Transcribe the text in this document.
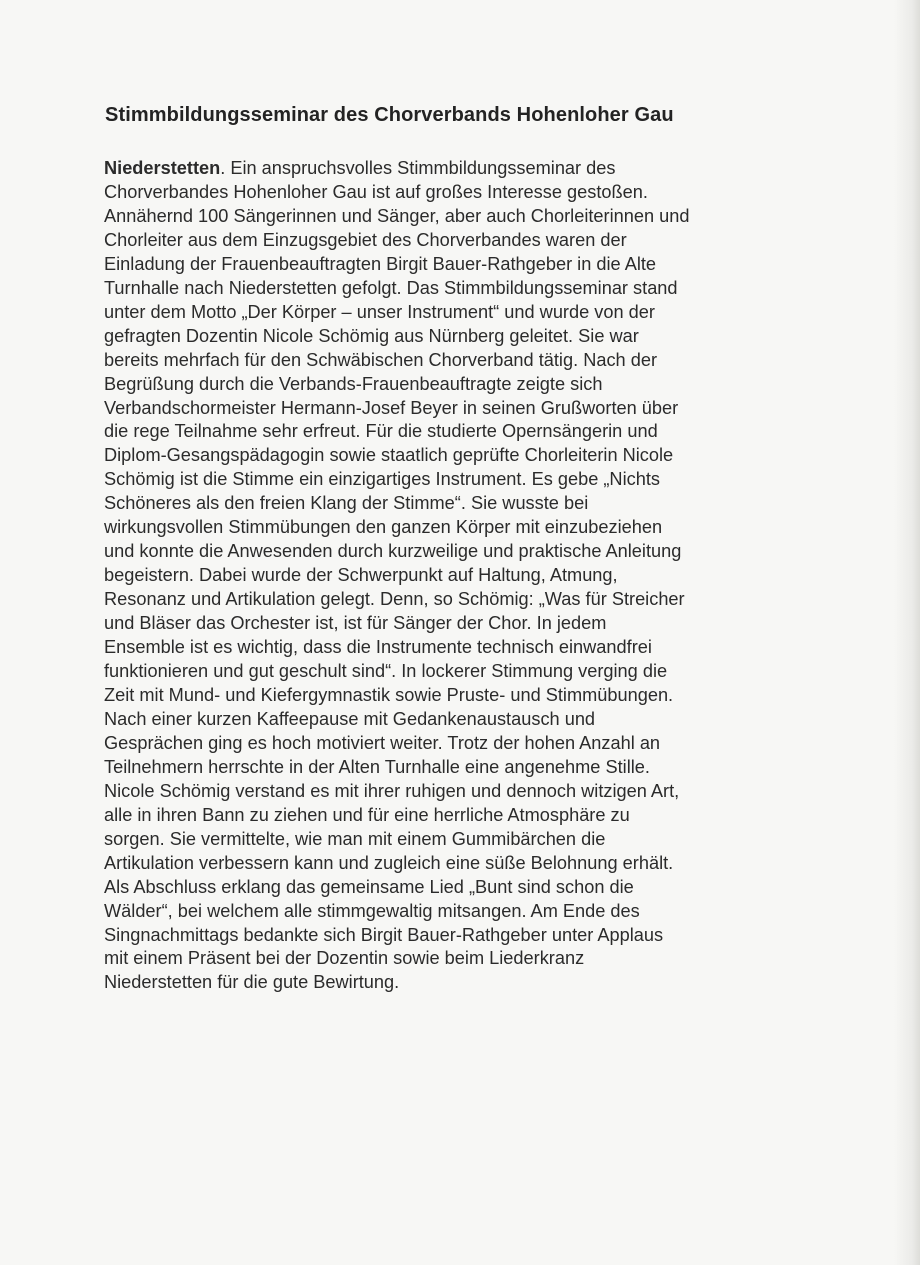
Stimmbildungsseminar des Chorverbands Hohenloher Gau
Niederstetten. Ein anspruchsvolles Stimmbildungsseminar des
Chorverbandes Hohenloher Gau ist auf großes Interesse gestoßen.
Annähernd 100 Sängerinnen und Sänger, aber auch Chorleiterinnen und
Chorleiter aus dem Einzugsgebiet des Chorverbandes waren der
Einladung der Frauenbeauftragten Birgit Bauer-Rathgeber in die Alte
Turnhalle nach Niederstetten gefolgt. Das Stimmbildungsseminar stand
unter dem Motto „Der Körper – unser Instrument“ und wurde von der
gefragten Dozentin Nicole Schömig aus Nürnberg geleitet. Sie war
bereits mehrfach für den Schwäbischen Chorverband tätig. Nach der
Begrüßung durch die Verbands-Frauenbeauftragte zeigte sich
Verbandschormeister Hermann-Josef Beyer in seinen Grußworten über
die rege Teilnahme sehr erfreut. Für die studierte Opernsängerin und
Diplom-Gesangspädagogin sowie staatlich geprüfte Chorleiterin Nicole
Schömig ist die Stimme ein einzigartiges Instrument. Es gebe „Nichts
Schöneres als den freien Klang der Stimme“. Sie wusste bei
wirkungsvollen Stimmübungen den ganzen Körper mit einzubeziehen
und konnte die Anwesenden durch kurzweilige und praktische Anleitung
begeistern. Dabei wurde der Schwerpunkt auf Haltung, Atmung,
Resonanz und Artikulation gelegt. Denn, so Schömig: „Was für Streicher
und Bläser das Orchester ist, ist für Sänger der Chor. In jedem
Ensemble ist es wichtig, dass die Instrumente technisch einwandfrei
funktionieren und gut geschult sind“. In lockerer Stimmung verging die
Zeit mit Mund- und Kiefergymnastik sowie Pruste- und Stimmübungen.
Nach einer kurzen Kaffeepause mit Gedankenaustausch und
Gesprächen ging es hoch motiviert weiter. Trotz der hohen Anzahl an
Teilnehmern herrschte in der Alten Turnhalle eine angenehme Stille.
Nicole Schömig verstand es mit ihrer ruhigen und dennoch witzigen Art,
alle in ihren Bann zu ziehen und für eine herrliche Atmosphäre zu
sorgen. Sie vermittelte, wie man mit einem Gummibärchen die
Artikulation verbessern kann und zugleich eine süße Belohnung erhält.
Als Abschluss erklang das gemeinsame Lied „Bunt sind schon die
Wälder“, bei welchem alle stimmgewaltig mitsangen. Am Ende des
Singnachmittags bedankte sich Birgit Bauer-Rathgeber unter Applaus
mit einem Präsent bei der Dozentin sowie beim Liederkranz
Niederstetten für die gute Bewirtung.
